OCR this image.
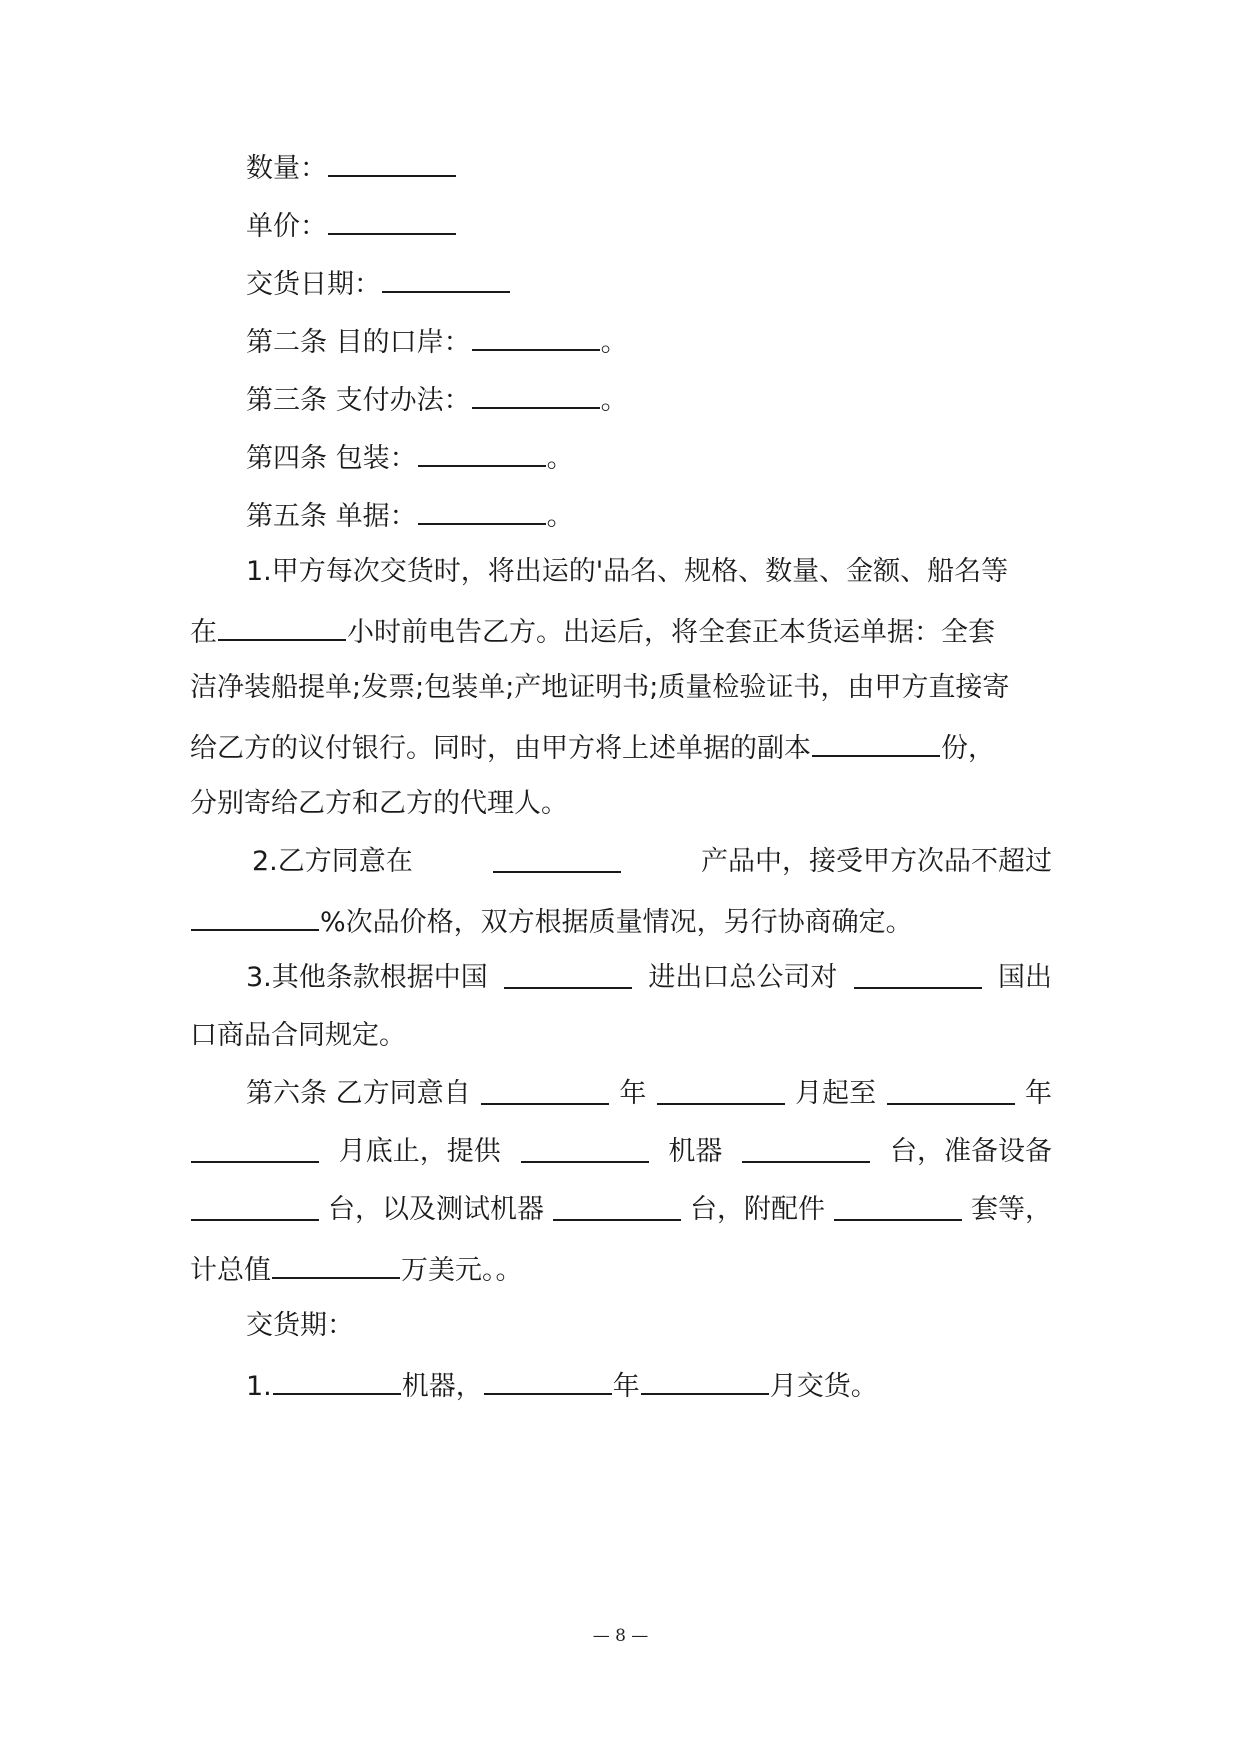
数量：
单价：
交货日期：
第二条 目的口岸：	。
第三条 支付办法：	。
第四条 包装：	。
第五条 单据：	。
1.甲方每次交货时，将出运的'品名、规格、数量、金额、船名等
在	小时前电告乙方。出运后，将全套正本货运单据：全套
洁净装船提单;发票;包装单;产地证明书;质量检验证书，由甲方直接寄
给乙方的议付银行。同时，由甲方将上述单据的副本	份，
分别寄给乙方和乙方的代理人。
2.乙方同意在	产品中，接受甲方次品不超过
%次品价格，双方根据质量情况，另行协商确定。
3.其他条款根据中国	进出口总公司对	国出
口商品合同规定。
第六条 乙方同意自	年	月起至	年
月底止，提供	机器	台，准备设备
台，以及测试机器	台，附配件	套等，
计总值	万美元。。
交货期：
1.	机器，	年	月交货。
— 8 —
